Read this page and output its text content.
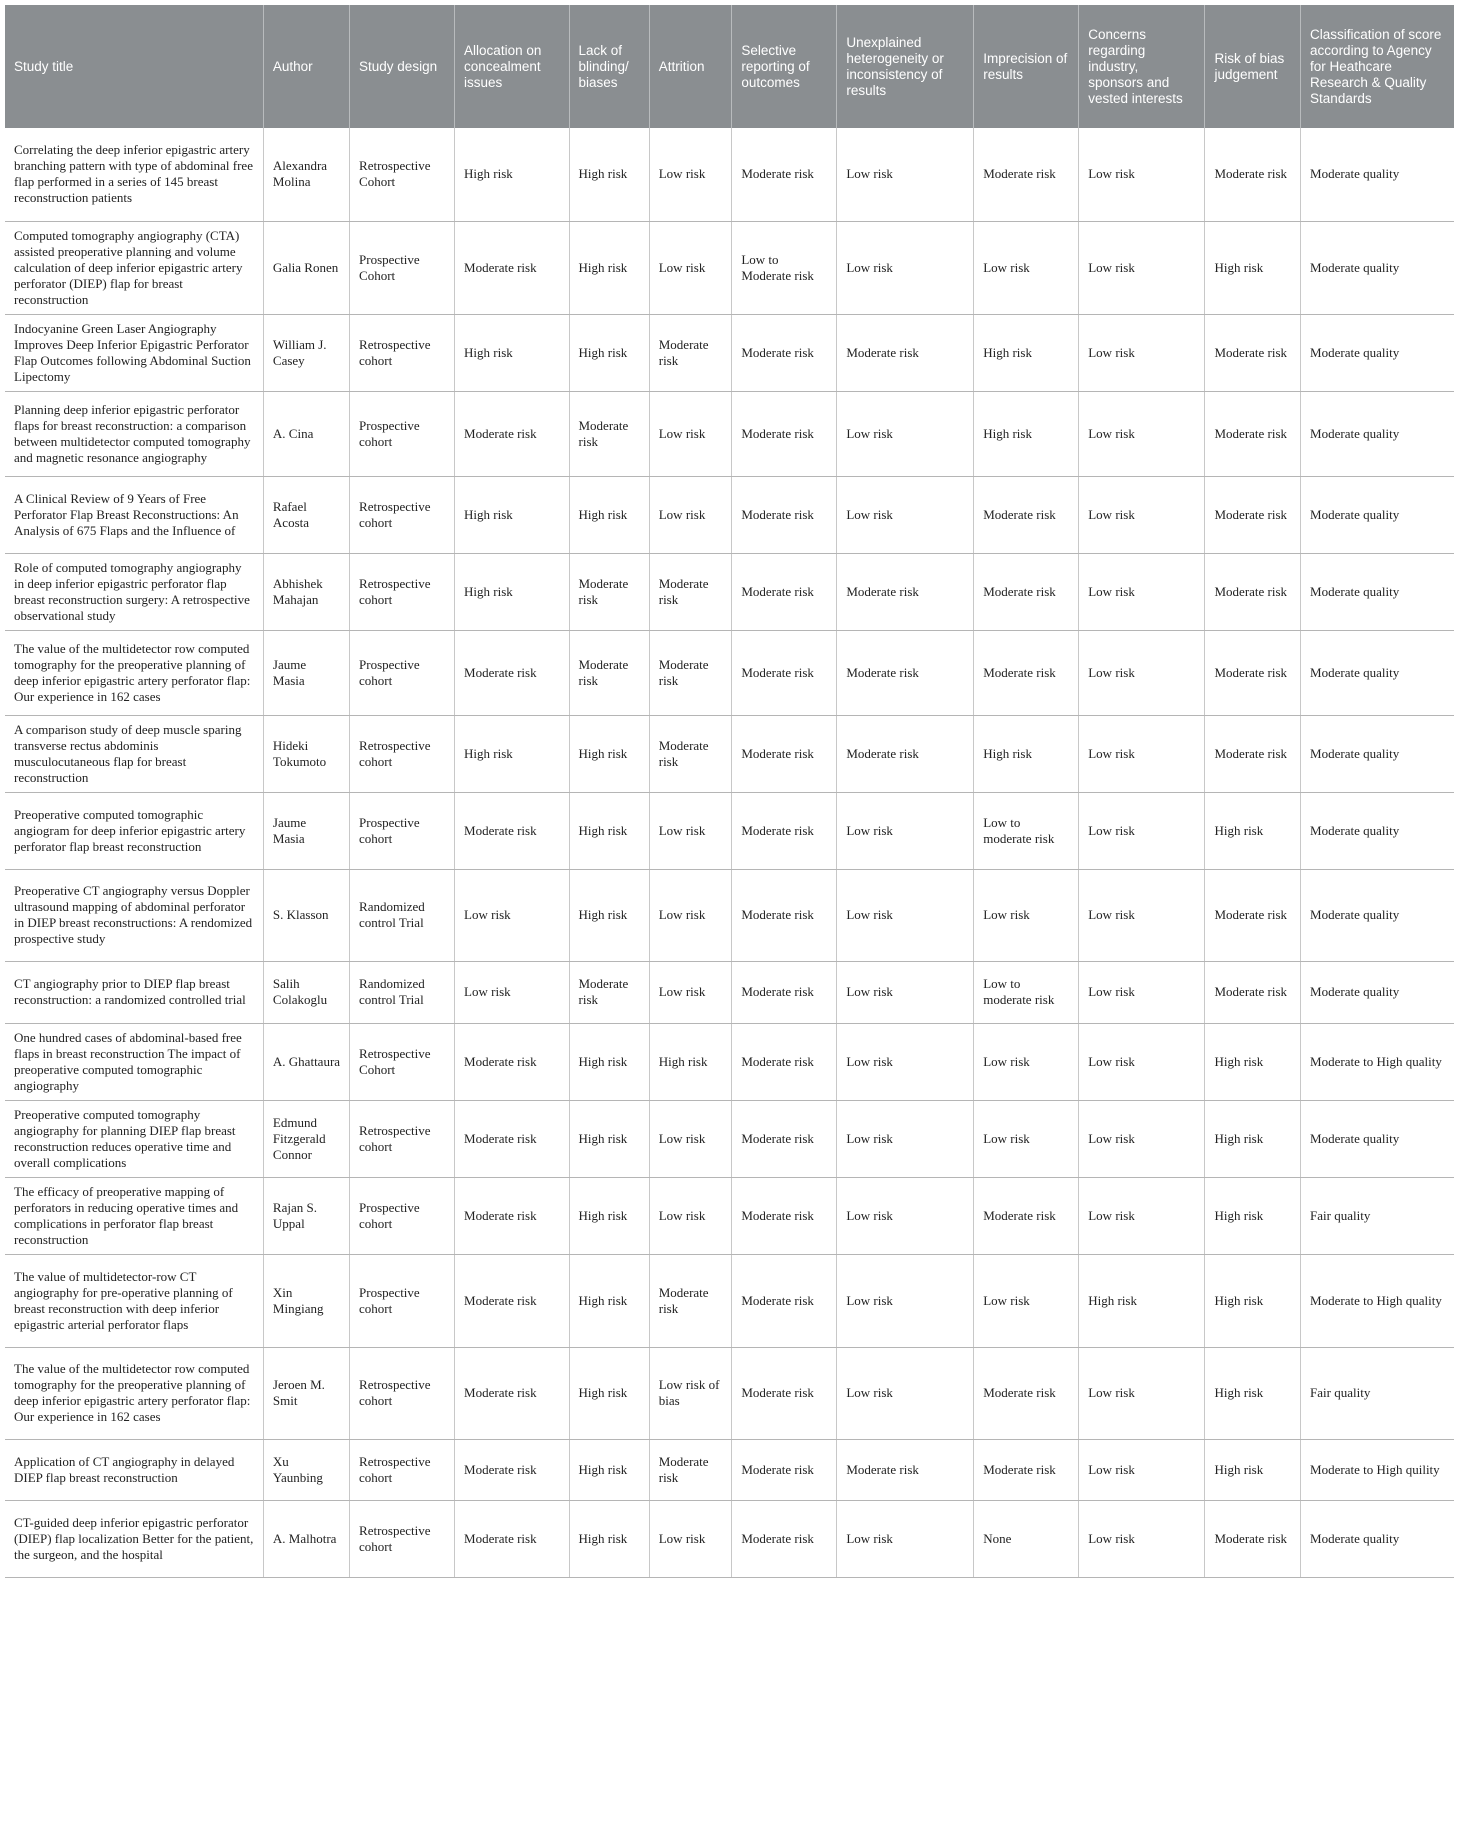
Study title	Author	Study design	Allocation on concealment issues	Lack of blinding/ biases	Attrition	Selective reporting of outcomes	Unexplained heterogeneity or inconsistency of results	Imprecision of results	Concerns regarding industry, sponsors and vested interests	Risk of bias judgement	Classification of score according to Agency for Heathcare Research & Quality Standards
Correlating the deep inferior epigastric artery branching pattern with type of abdominal free flap performed in a series of 145 breast reconstruction patients	Alexandra Molina	Retrospective Cohort	High risk	High risk	Low risk	Moderate risk	Low risk	Moderate risk	Low risk	Moderate risk	Moderate quality
Computed tomography angiography (CTA) assisted preoperative planning and volume calculation of deep inferior epigastric artery perforator (DIEP) flap for breast reconstruction	Galia Ronen	Prospective Cohort	Moderate risk	High risk	Low risk	Low to Moderate risk	Low risk	Low risk	Low risk	High risk	Moderate quality
Indocyanine Green Laser Angiography Improves Deep Inferior Epigastric Perforator Flap Outcomes following Abdominal Suction Lipectomy	William J. Casey	Retrospective cohort	High risk	High risk	Moderate risk	Moderate risk	Moderate risk	High risk	Low risk	Moderate risk	Moderate quality
Planning deep inferior epigastric perforator flaps for breast reconstruction: a comparison between multidetector computed tomography and magnetic resonance angiography	A. Cina	Prospective cohort	Moderate risk	Moderate risk	Low risk	Moderate risk	Low risk	High risk	Low risk	Moderate risk	Moderate quality
A Clinical Review of 9 Years of Free Perforator Flap Breast Reconstructions: An Analysis of 675 Flaps and the Influence of	Rafael Acosta	Retrospective cohort	High risk	High risk	Low risk	Moderate risk	Low risk	Moderate risk	Low risk	Moderate risk	Moderate quality
Role of computed tomography angiography in deep inferior epigastric perforator flap breast reconstruction surgery: A retrospective observational study	Abhishek Mahajan	Retrospective cohort	High risk	Moderate risk	Moderate risk	Moderate risk	Moderate risk	Moderate risk	Low risk	Moderate risk	Moderate quality
The value of the multidetector row computed tomography for the preoperative planning of deep inferior epigastric artery perforator flap: Our experience in 162 cases	Jaume Masia	Prospective cohort	Moderate risk	Moderate risk	Moderate risk	Moderate risk	Moderate risk	Moderate risk	Low risk	Moderate risk	Moderate quality
A comparison study of deep muscle sparing transverse rectus abdominis musculocutaneous flap for breast reconstruction	Hideki Tokumoto	Retrospective cohort	High risk	High risk	Moderate risk	Moderate risk	Moderate risk	High risk	Low risk	Moderate risk	Moderate quality
Preoperative computed tomographic angiogram for deep inferior epigastric artery perforator flap breast reconstruction	Jaume Masia	Prospective cohort	Moderate risk	High risk	Low risk	Moderate risk	Low risk	Low to moderate risk	Low risk	High risk	Moderate quality
Preoperative CT angiography versus Doppler ultrasound mapping of abdominal perforator in DIEP breast reconstructions: A rendomized prospective study	S. Klasson	Randomized control Trial	Low risk	High risk	Low risk	Moderate risk	Low risk	Low risk	Low risk	Moderate risk	Moderate quality
CT angiography prior to DIEP flap breast reconstruction: a randomized controlled trial	Salih Colakoglu	Randomized control Trial	Low risk	Moderate risk	Low risk	Moderate risk	Low risk	Low to moderate risk	Low risk	Moderate risk	Moderate quality
One hundred cases of abdominal-based free flaps in breast reconstruction The impact of preoperative computed tomographic angiography	A. Ghattaura	Retrospective Cohort	Moderate risk	High risk	High risk	Moderate risk	Low risk	Low risk	Low risk	High risk	Moderate to High quality
Preoperative computed tomography angiography for planning DIEP flap breast reconstruction reduces operative time and overall complications	Edmund Fitzgerald Connor	Retrospective cohort	Moderate risk	High risk	Low risk	Moderate risk	Low risk	Low risk	Low risk	High risk	Moderate quality
The efficacy of preoperative mapping of perforators in reducing operative times and complications in perforator flap breast reconstruction	Rajan S. Uppal	Prospective cohort	Moderate risk	High risk	Low risk	Moderate risk	Low risk	Moderate risk	Low risk	High risk	Fair quality
The value of multidetector-row CT angiography for pre-operative planning of breast reconstruction with deep inferior epigastric arterial perforator flaps	Xin Mingiang	Prospective cohort	Moderate risk	High risk	Moderate risk	Moderate risk	Low risk	Low risk	High risk	High risk	Moderate to High quality
The value of the multidetector row computed tomography for the preoperative planning of deep inferior epigastric artery perforator flap: Our experience in 162 cases	Jeroen M. Smit	Retrospective cohort	Moderate risk	High risk	Low risk of bias	Moderate risk	Low risk	Moderate risk	Low risk	High risk	Fair quality
Application of CT angiography in delayed DIEP flap breast reconstruction	Xu Yaunbing	Retrospective cohort	Moderate risk	High risk	Moderate risk	Moderate risk	Moderate risk	Moderate risk	Low risk	High risk	Moderate to High quility
CT-guided deep inferior epigastric perforator (DIEP) flap localization Better for the patient, the surgeon, and the hospital	A. Malhotra	Retrospective cohort	Moderate risk	High risk	Low risk	Moderate risk	Low risk	None	Low risk	Moderate risk	Moderate quality
